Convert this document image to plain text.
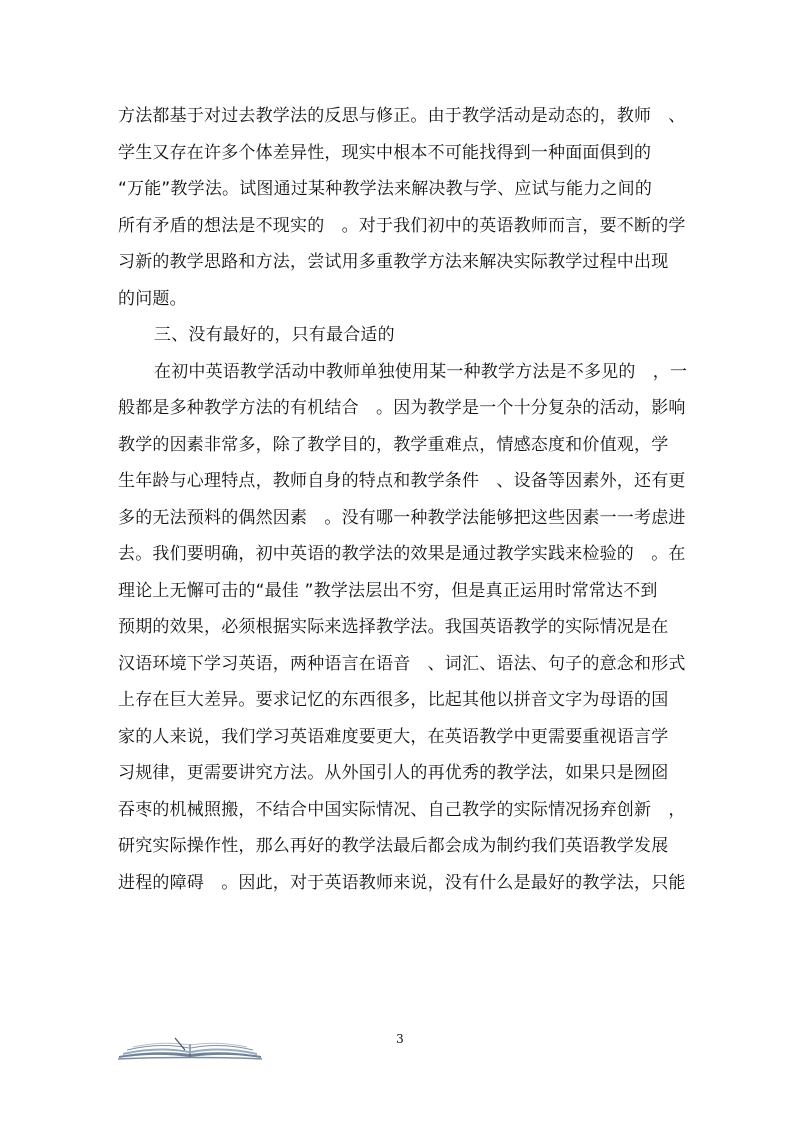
方法都基于对过去教学法的反思与修正。由于教学活动是动态的，教师　、
学生又存在许多个体差异性，现实中根本不可能找得到一种面面俱到的
“万能”教学法。试图通过某种教学法来解决教与学、应试与能力之间的
所有矛盾的想法是不现实的　。对于我们初中的英语教师而言，要不断的学
习新的教学思路和方法，尝试用多重教学方法来解决实际教学过程中出现
的问题。
三、没有最好的，只有最合适的
在初中英语教学活动中教师单独使用某一种教学方法是不多见的　，一
般都是多种教学方法的有机结合　。因为教学是一个十分复杂的活动，影响
教学的因素非常多，除了教学目的，教学重难点，情感态度和价值观，学
生年龄与心理特点，教师自身的特点和教学条件　、设备等因素外，还有更
多的无法预料的偶然因素　。没有哪一种教学法能够把这些因素一一考虑进
去。我们要明确，初中英语的教学法的效果是通过教学实践来检验的　。在
理论上无懈可击的“最佳 ”教学法层出不穷，但是真正运用时常常达不到
预期的效果，必须根据实际来选择教学法。我国英语教学的实际情况是在
汉语环境下学习英语，两种语言在语音　、词汇、语法、句子的意念和形式
上存在巨大差异。要求记忆的东西很多，比起其他以拼音文字为母语的国
家的人来说，我们学习英语难度要更大，在英语教学中更需要重视语言学
习规律，更需要讲究方法。从外国引人的再优秀的教学法，如果只是囫囵
吞枣的机械照搬，不结合中国实际情况、自己教学的实际情况扬弃创新　，
研究实际操作性，那么再好的教学法最后都会成为制约我们英语教学发展
进程的障碍　。因此，对于英语教师来说，没有什么是最好的教学法，只能
3
